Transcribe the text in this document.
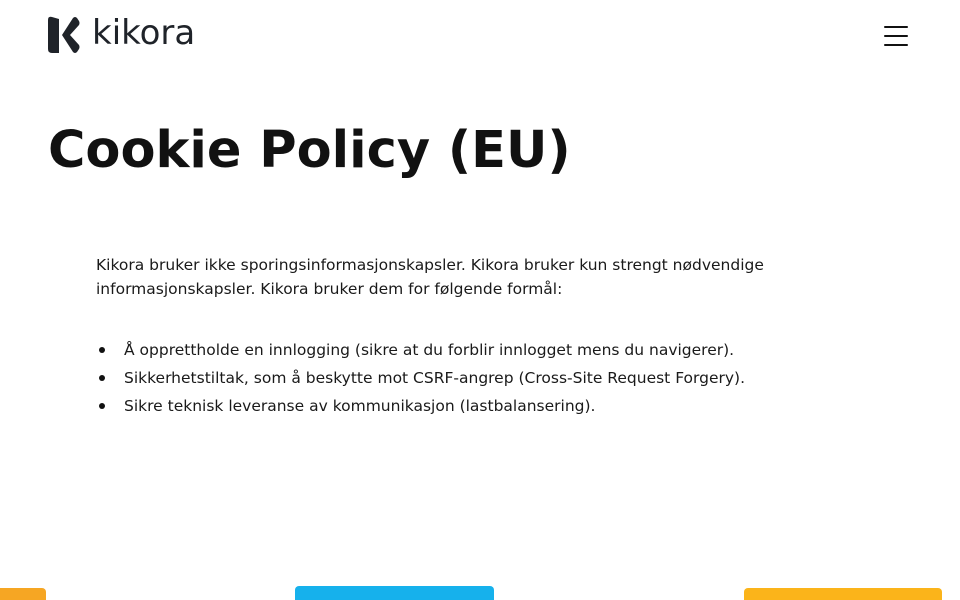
kikora
Cookie Policy (EU)

Kikora bruker ikke sporingsinformasjonskapsler. Kikora bruker kun strengt nødvendige informasjonskapsler. Kikora bruker dem for følgende formål:

Å opprettholde en innlogging (sikre at du forblir innlogget mens du navigerer).
Sikkerhetstiltak, som å beskytte mot CSRF-angrep (Cross-Site Request Forgery).
Sikre teknisk leveranse av kommunikasjon (lastbalansering).
